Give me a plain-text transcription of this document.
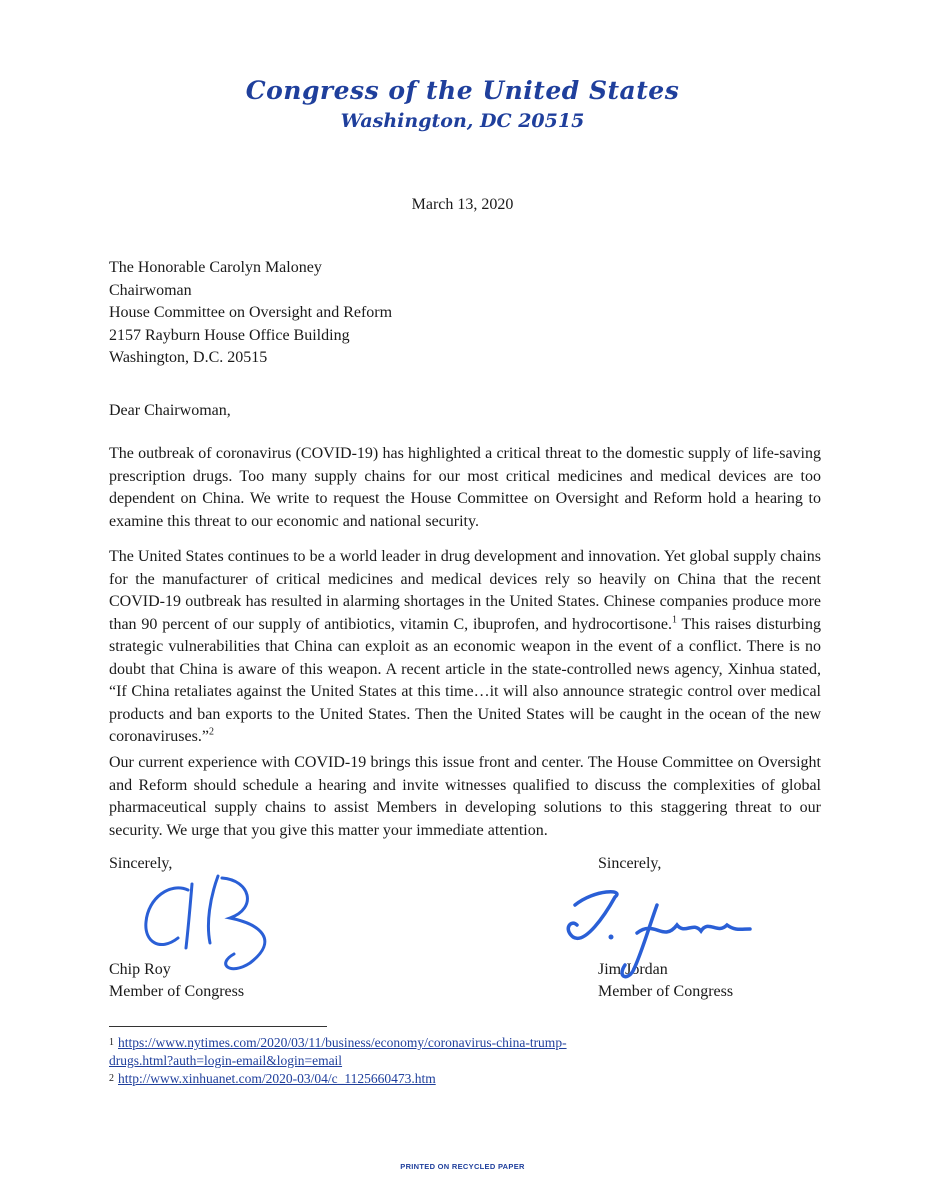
Congress of the United States
Washington, DC 20515
March 13, 2020
The Honorable Carolyn Maloney
Chairwoman
House Committee on Oversight and Reform
2157 Rayburn House Office Building
Washington, D.C. 20515
Dear Chairwoman,

The outbreak of coronavirus (COVID-19) has highlighted a critical threat to the domestic supply of life-saving prescription drugs. Too many supply chains for our most critical medicines and medical devices are too dependent on China. We write to request the House Committee on Oversight and Reform hold a hearing to examine this threat to our economic and national security.

The United States continues to be a world leader in drug development and innovation. Yet global supply chains for the manufacturer of critical medicines and medical devices rely so heavily on China that the recent COVID-19 outbreak has resulted in alarming shortages in the United States. Chinese companies produce more than 90 percent of our supply of antibiotics, vitamin C, ibuprofen, and hydrocortisone.$^1$ This raises disturbing strategic vulnerabilities that China can exploit as an economic weapon in the event of a conflict. There is no doubt that China is aware of this weapon. A recent article in the state-controlled news agency, Xinhua stated, “If China retaliates against the United States at this time…it will also announce strategic control over medical products and ban exports to the United States. Then the United States will be caught in the ocean of the new coronaviruses.”$^2$

Our current experience with COVID-19 brings this issue front and center. The House Committee on Oversight and Reform should schedule a hearing and invite witnesses qualified to discuss the complexities of global pharmaceutical supply chains to assist Members in developing solutions to this staggering threat to our security. We urge that you give this matter your immediate attention.

Sincerely,
Chip Roy
Member of Congress
Sincerely,
Jim Jordan
Member of Congress
$^1$ https://www.nytimes.com/2020/03/11/business/economy/coronavirus-china-trump-
drugs.html?auth=login-email&login=email
$^2$ http://www.xinhuanet.com/2020-03/04/c_1125660473.htm
PRINTED ON RECYCLED PAPER
